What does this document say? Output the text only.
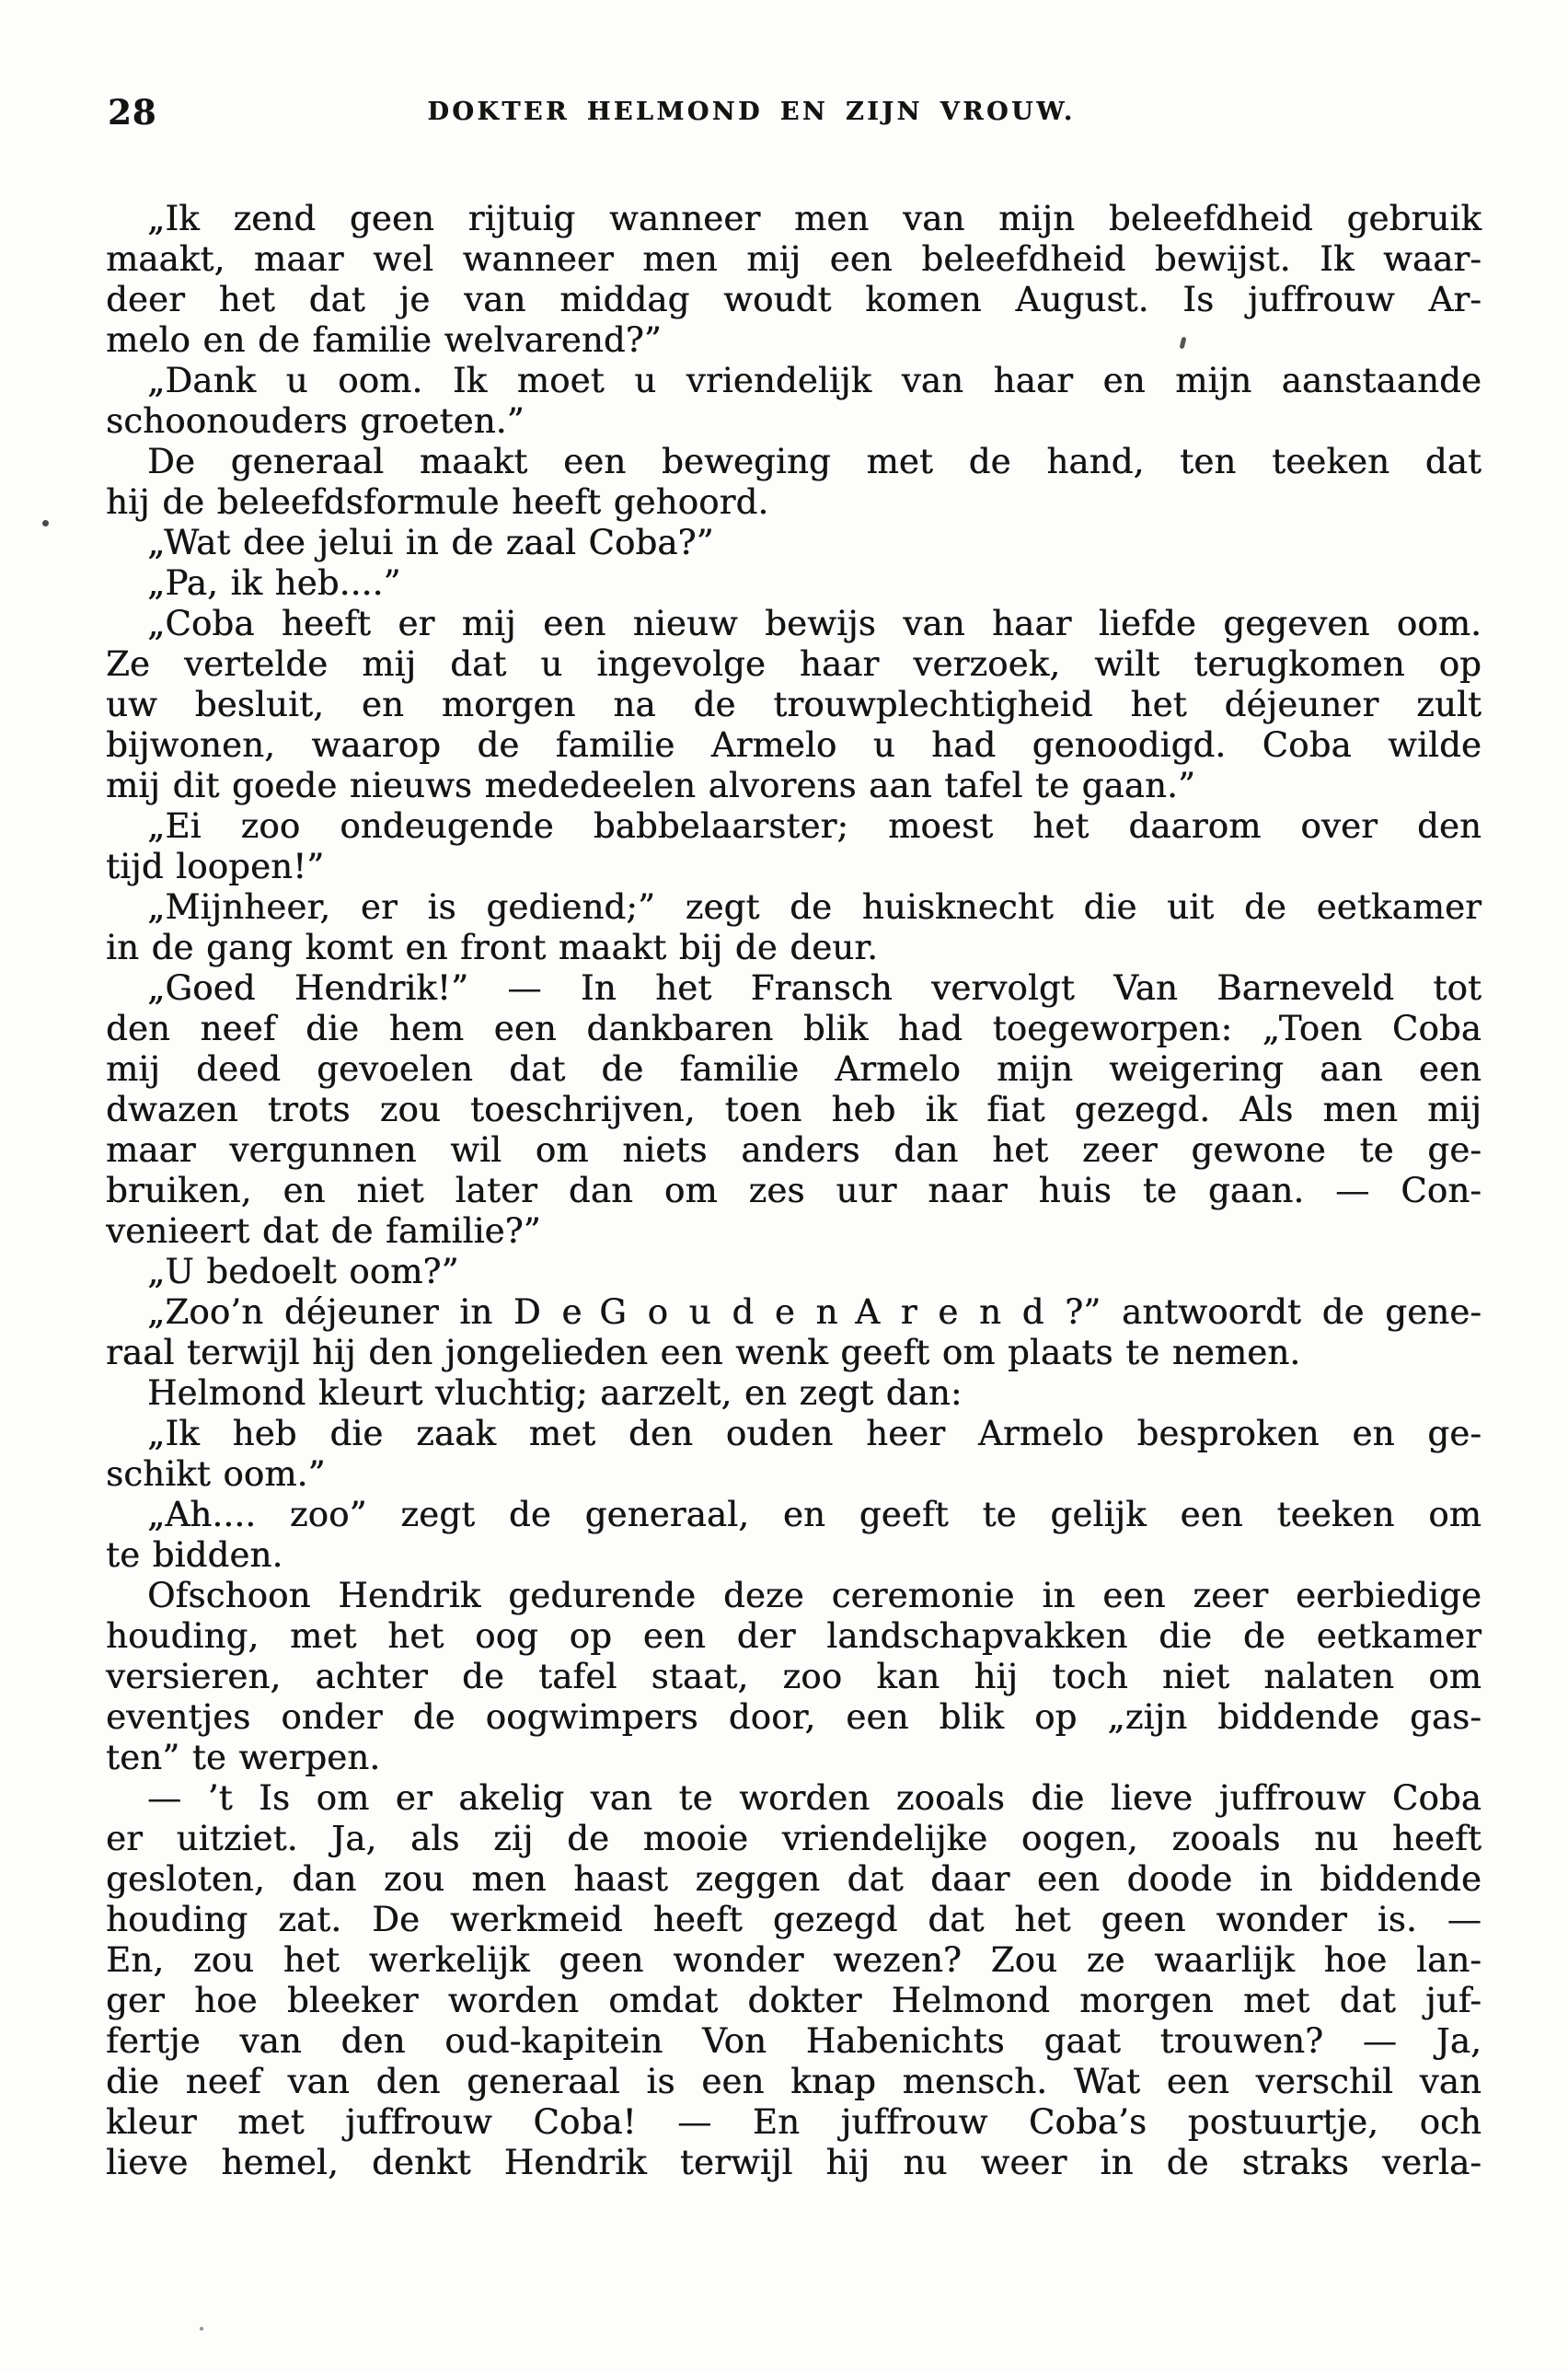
28	DOKTER HELMOND EN ZIJN VROUW.
„Ik zend geen rijtuig wanneer men van mijn beleefdheid gebruik
maakt, maar wel wanneer men mij een beleefdheid bewijst. Ik waar-
deer het dat je van middag woudt komen August. Is juffrouw Ar-
melo en de familie welvarend?”
„Dank u oom. Ik moet u vriendelijk van haar en mijn aanstaande
schoonouders groeten.”
De generaal maakt een beweging met de hand, ten teeken dat
hij de beleefdsformule heeft gehoord.
„Wat dee jelui in de zaal Coba?”
„Pa, ik heb....”
„Coba heeft er mij een nieuw bewijs van haar liefde gegeven oom.
Ze vertelde mij dat u ingevolge haar verzoek, wilt terugkomen op
uw besluit, en morgen na de trouwplechtigheid het déjeuner zult
bijwonen, waarop de familie Armelo u had genoodigd. Coba wilde
mij dit goede nieuws mededeelen alvorens aan tafel te gaan.”
„Ei zoo ondeugende babbelaarster; moest het daarom over den
tijd loopen!”
„Mijnheer, er is gediend;” zegt de huisknecht die uit de eetkamer
in de gang komt en front maakt bij de deur.
„Goed Hendrik!” — In het Fransch vervolgt Van Barneveld tot
den neef die hem een dankbaren blik had toegeworpen: „Toen Coba
mij deed gevoelen dat de familie Armelo mijn weigering aan een
dwazen trots zou toeschrijven, toen heb ik fiat gezegd. Als men mij
maar vergunnen wil om niets anders dan het zeer gewone te ge-
bruiken, en niet later dan om zes uur naar huis te gaan. — Con-
venieert dat de familie?”
„U bedoelt oom?”
„Zoo’n déjeuner in D e G o u d e n A r e n d ?” antwoordt de gene-
raal terwijl hij den jongelieden een wenk geeft om plaats te nemen.
Helmond kleurt vluchtig; aarzelt, en zegt dan:
„Ik heb die zaak met den ouden heer Armelo besproken en ge-
schikt oom.”
„Ah.... zoo” zegt de generaal, en geeft te gelijk een teeken om
te bidden.
Ofschoon Hendrik gedurende deze ceremonie in een zeer eerbiedige
houding, met het oog op een der landschapvakken die de eetkamer
versieren, achter de tafel staat, zoo kan hij toch niet nalaten om
eventjes onder de oogwimpers door, een blik op „zijn biddende gas-
ten” te werpen.
— ’t Is om er akelig van te worden zooals die lieve juffrouw Coba
er uitziet. Ja, als zij de mooie vriendelijke oogen, zooals nu heeft
gesloten, dan zou men haast zeggen dat daar een doode in biddende
houding zat. De werkmeid heeft gezegd dat het geen wonder is. —
En, zou het werkelijk geen wonder wezen? Zou ze waarlijk hoe lan-
ger hoe bleeker worden omdat dokter Helmond morgen met dat juf-
fertje van den oud-kapitein Von Habenichts gaat trouwen? — Ja,
die neef van den generaal is een knap mensch. Wat een verschil van
kleur met juffrouw Coba! — En juffrouw Coba’s postuurtje, och
lieve hemel, denkt Hendrik terwijl hij nu weer in de straks verla-
